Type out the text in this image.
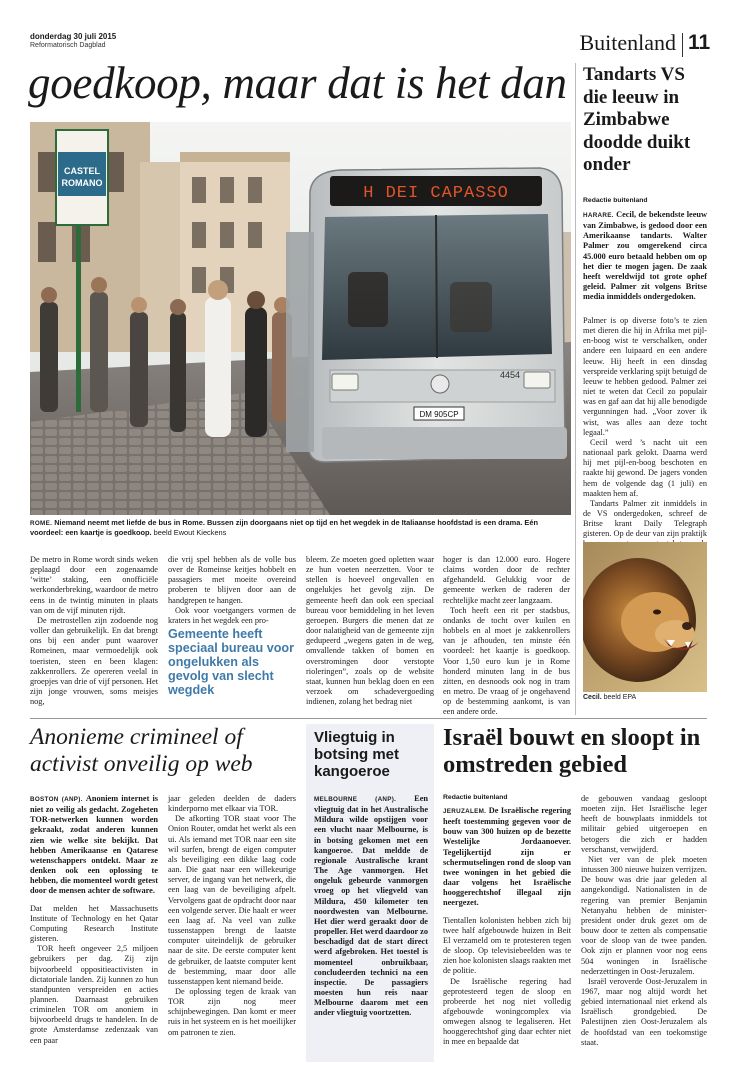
donderdag 30 juli 2015
Reformatorisch Dagblad	Buitenland 11
goedkoop, maar dat is het dan
CASTEL
ROMANO
H DEI CAPASSO
4454
DM 905CP
ROME. Niemand neemt met liefde de bus in Rome. Bussen zijn doorgaans niet op tijd en het wegdek in de Italiaanse hoofdstad is een drama. Eén voordeel: een kaartje is goedkoop. beeld Ewout Kieckens

De metro in Rome wordt sinds weken geplaagd door een zogenaamde ‘witte’ staking, een onofficiële werkonderbreking, waardoor de metro eens in de twintig minuten in plaats van om de vijf minuten rijdt.

De metrostellen zijn zodoende nog voller dan gebruikelijk. En dat brengt ons bij een ander punt waarover Romeinen, maar vermoedelijk ook toeristen, steen en been klagen: zakkenrollers. Ze opereren veelal in groepjes van drie of vijf personen. Het zijn jonge vrouwen, soms meisjes nog,

die vrij spel hebben als de volle bus over de Romeinse keitjes hobbelt en passagiers met moeite overeind proberen te blijven door aan de handgrepen te hangen.

Ook voor voetgangers vormen de kraters in het wegdek een pro-

Gemeente heeft speciaal bureau voor ongelukken als gevolg van slecht wegdek

bleem. Ze moeten goed opletten waar ze hun voeten neerzetten. Voor te stellen is hoeveel ongevallen en ongelukjes het gevolg zijn. De gemeente heeft dan ook een speciaal bureau voor bemiddeling in het leven geroepen. Burgers die menen dat ze door nalatigheid van de gemeente zijn gedupeerd „wegens gaten in de weg, omvallende takken of bomen en overstromingen door verstopte rioleringen”, zoals op de website staat, kunnen hun beklag doen en een verzoek om schadevergoeding indienen, zolang het bedrag niet

hoger is dan 12.000 euro. Hogere claims worden door de rechter afgehandeld. Gelukkig voor de gemeente werken de raderen der rechtelijke macht zeer langzaam.

Toch heeft een rit per stadsbus, ondanks de tocht over kuilen en hobbels en al moet je zakkenrollers van je afhouden, ten minste één voordeel: het kaartje is goedkoop. Voor 1,50 euro kun je in Rome honderd minuten lang in de bus zitten, en desnoods ook nog in tram en metro. De vraag of je ongehavend op de bestemming aankomt, is van een andere orde.

Tandarts VS die leeuw in Zimbabwe doodde duikt onder
Redactie buitenland

HARARE. Cecil, de bekendste leeuw van Zimbabwe, is gedood door een Amerikaanse tandarts. Walter Palmer zou omgerekend circa 45.000 euro betaald hebben om op het dier te mogen jagen. De zaak heeft wereldwijd tot grote ophef geleid. Palmer zit volgens Britse media inmiddels ondergedoken.

Palmer is op diverse foto’s te zien met dieren die hij in Afrika met pijl-en-boog wist te verschalken, onder andere een luipaard en een andere leeuw. Hij heeft in een dinsdag verspreide verklaring spijt betuigd de leeuw te hebben gedood. Palmer zei niet te weten dat Cecil zo populair was en gaf aan dat hij alle benodigde vergunningen had. „Voor zover ik wist, was alles aan deze tocht legaal.”

Cecil werd ’s nacht uit een nationaal park gelokt. Daarna werd hij met pijl-en-boog beschoten en raakte hij gewond. De jagers vonden hem de volgende dag (1 juli) en maakten hem af.

Tandarts Palmer zit inmiddels in de VS ondergedoken, schreef de Britse krant Daily Telegraph gisteren. Op de deur van zijn praktijk

Cecil. beeld EPA
Anonieme crimineel of activist onveilig op web

BOSTON (ANP). Anoniem internet is niet zo veilig als gedacht. Zogeheten TOR-netwerken kunnen worden gekraakt, zodat anderen kunnen zien wie welke site bekijkt. Dat hebben Amerikaanse en Qatarese wetenschappers ontdekt. Maar ze denken ook een oplossing te hebben, die momenteel wordt getest door de mensen achter de software.

Dat melden het Massachusetts Institute of Technology en het Qatar Computing Research Institute gisteren.

TOR heeft ongeveer 2,5 miljoen gebruikers per dag. Zij zijn bijvoorbeeld oppositieactivisten in dictatoriale landen. Zij kunnen zo hun standpunten verspreiden en acties plannen. Daarnaast gebruiken criminelen TOR om anoniem in bijvoorbeeld drugs te handelen. In de grote Amsterdamse zedenzaak van een paar

jaar geleden deelden de daders kinderporno met elkaar via TOR.

De afkorting TOR staat voor The Onion Router, omdat het werkt als een ui. Als iemand met TOR naar een site wil surfen, brengt de eigen computer als beveiliging een dikke laag code aan. Die gaat naar een willekeurige server, de ingang van het netwerk, die een laag van de beveiliging afpelt. Vervolgens gaat de opdracht door naar een volgende server. Die haalt er weer een laag af. Na veel van zulke tussenstappen brengt de laatste computer uiteindelijk de gebruiker naar de site. De eerste computer kent de gebruiker, de laatste computer kent de bestemming, maar door alle tussenstappen kent niemand beide.

De oplossing tegen de kraak van TOR zijn nog meer schijnbewegingen. Dan komt er meer ruis in het systeem en is het moeilijker om patronen te zien.

Vliegtuig in botsing met kangoeroe

MELBOURNE (ANP). Een vliegtuig dat in het Australische Mildura wilde opstijgen voor een vlucht naar Melbourne, is in botsing gekomen met een kangoeroe. Dat meldde de regionale Australische krant The Age vanmorgen. Het ongeluk gebeurde vanmorgen vroeg op het vliegveld van Mildura, 450 kilometer ten noordwesten van Melbourne. Het dier werd geraakt door de propeller. Het werd daardoor zo beschadigd dat de start direct werd afgebroken. Het toestel is momenteel onbruikbaar, concludeerden technici na een inspectie. De passagiers moesten hun reis naar Melbourne daarom met een ander vliegtuig voortzetten.

Israël bouwt en sloopt in omstreden gebied
Redactie buitenland

JERUZALEM. De Israëlische regering heeft toestemming gegeven voor de bouw van 300 huizen op de bezette Westelijke Jordaanoever. Tegelijkertijd zijn er schermutselingen rond de sloop van twee woningen in het gebied die daar volgens het Israëlische hooggerechtshof illegaal zijn neergezet.

Tientallen kolonisten hebben zich bij twee half afgebouwde huizen in Beit El verzameld om te protesteren tegen de sloop. Op televisiebeelden was te zien hoe kolonisten slaags raakten met de politie.

De Israëlische regering had geprotesteerd tegen de sloop en probeerde het nog niet volledig afgebouwde woningcomplex via omwegen alsnog te legaliseren. Het hooggerechtshof ging daar echter niet in mee en bepaalde dat

de gebouwen vandaag gesloopt moeten zijn. Het Israëlische leger heeft de bouwplaats inmiddels tot militair gebied uitgeroepen en betogers die zich er hadden verschanst, verwijderd.

Niet ver van de plek moeten intussen 300 nieuwe huizen verrijzen. De bouw was drie jaar geleden al aangekondigd. Nationalisten in de regering van premier Benjamin Netanyahu hebben de minister-president onder druk gezet om de bouw door te zetten als compensatie voor de sloop van de twee panden. Ook zijn er plannen voor nog eens 504 woningen in Israëlische nederzettingen in Oost-Jeruzalem.

Israël veroverde Oost-Jeruzalem in 1967, maar nog altijd wordt het gebied internationaal niet erkend als Israëlisch grondgebied. De Palestijnen zien Oost-Jeruzalem als de hoofdstad van een toekomstige staat.
